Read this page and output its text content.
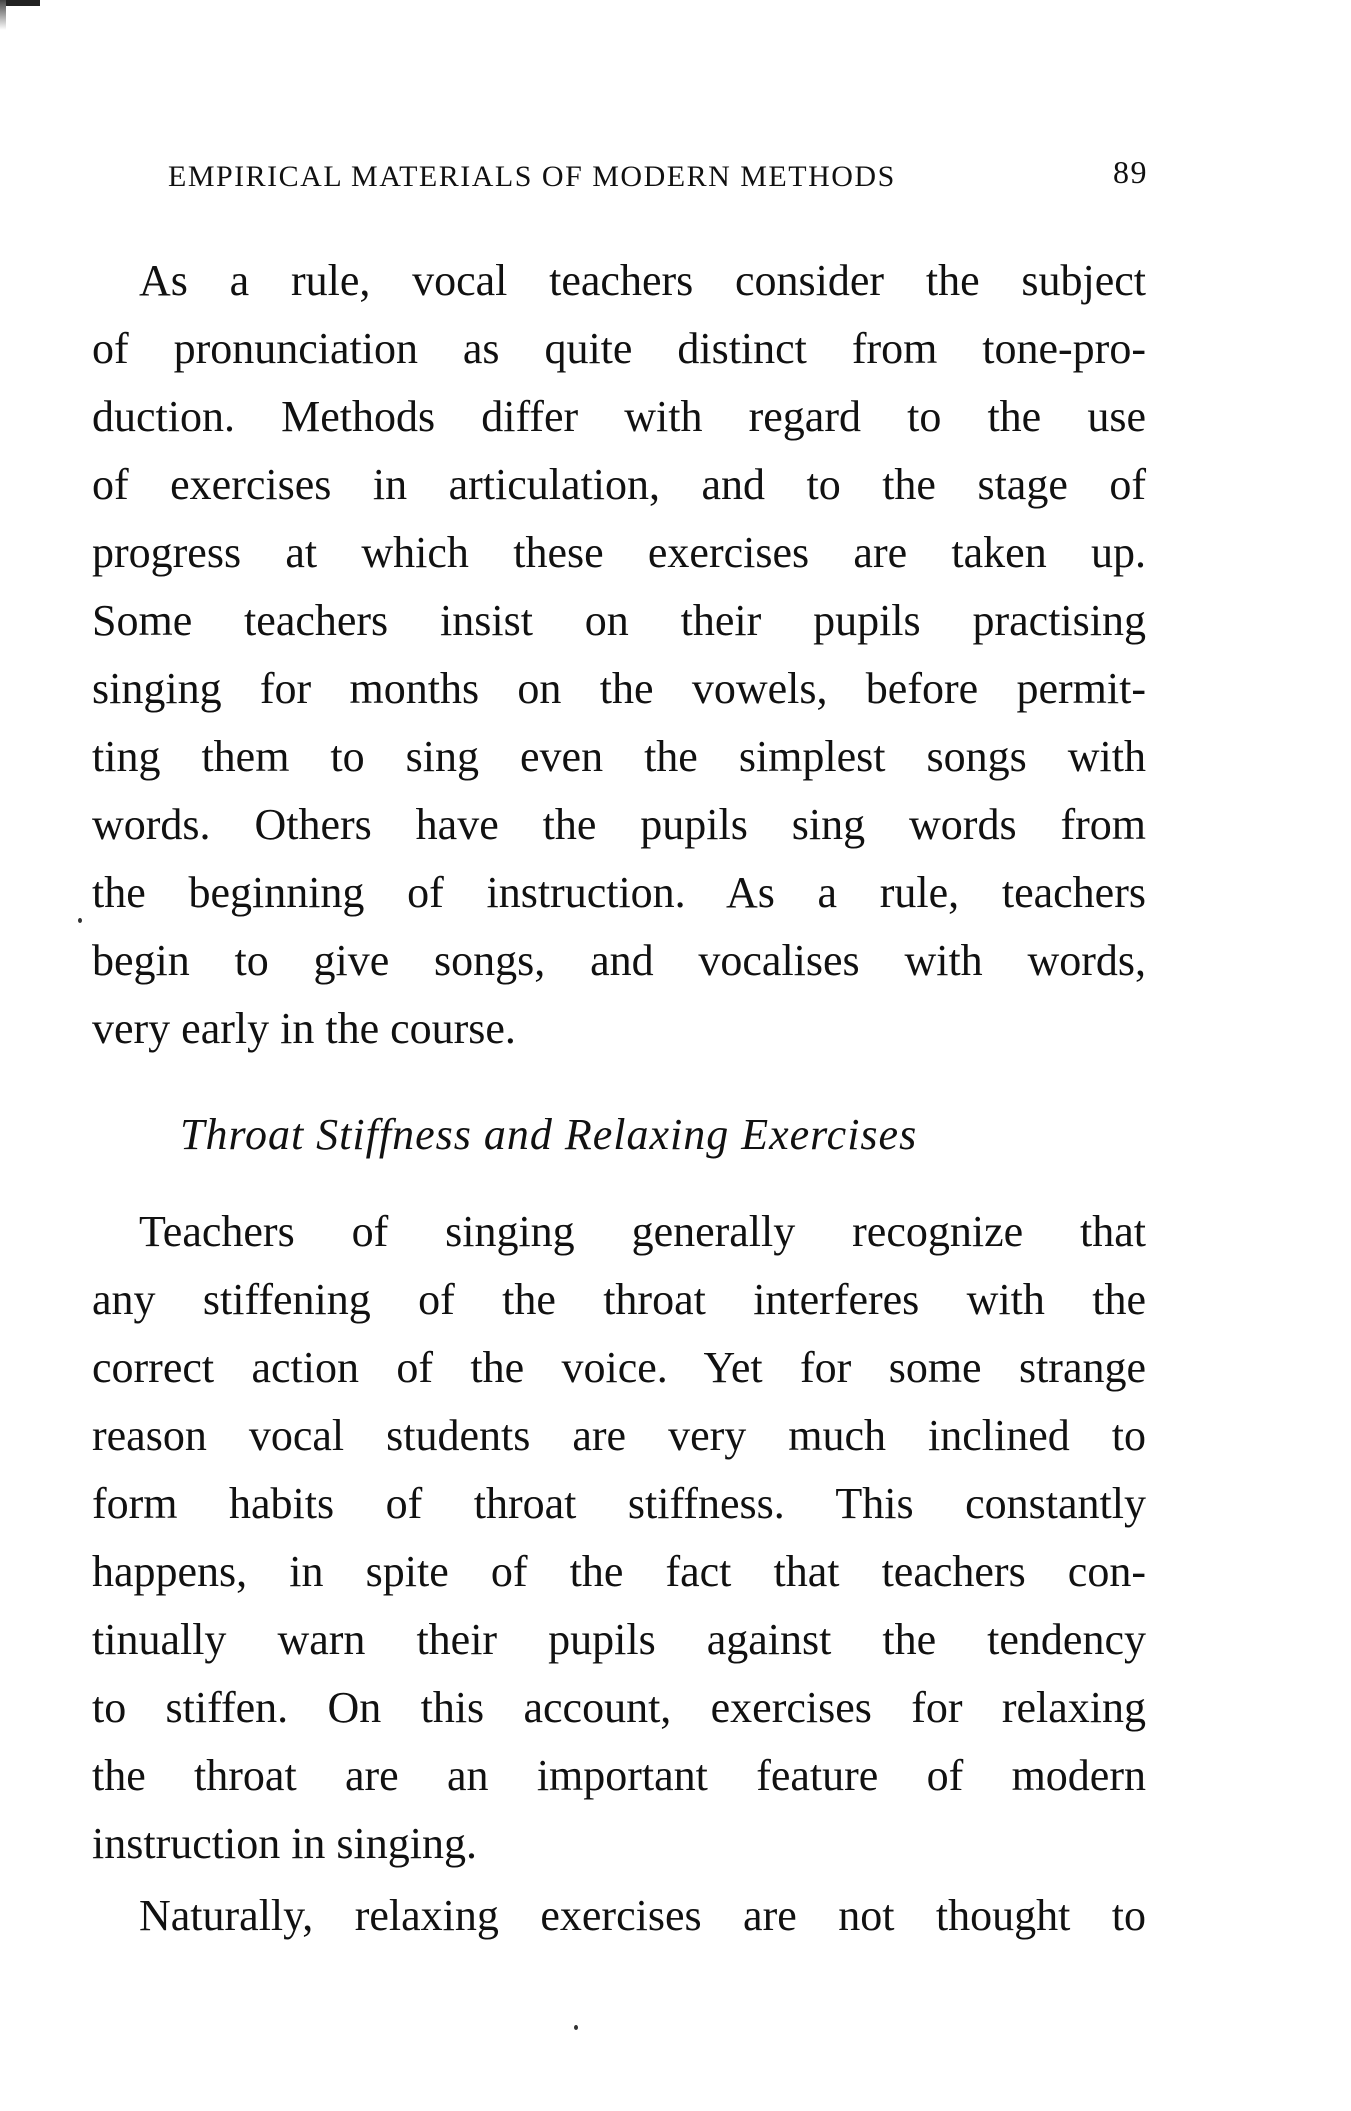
EMPIRICAL MATERIALS OF MODERN METHODS	89
As a rule, vocal teachers consider the subject
of pronunciation as quite distinct from tone-pro-
duction. Methods differ with regard to the use
of exercises in articulation, and to the stage of
progress at which these exercises are taken up.
Some teachers insist on their pupils practising
singing for months on the vowels, before permit-
ting them to sing even the simplest songs with
words. Others have the pupils sing words from
the beginning of instruction. As a rule, teachers
begin to give songs, and vocalises with words,
very early in the course.
Throat Stiffness and Relaxing Exercises
Teachers of singing generally recognize that
any stiffening of the throat interferes with the
correct action of the voice. Yet for some strange
reason vocal students are very much inclined to
form habits of throat stiffness. This constantly
happens, in spite of the fact that teachers con-
tinually warn their pupils against the tendency
to stiffen. On this account, exercises for relaxing
the throat are an important feature of modern
instruction in singing.
Naturally, relaxing exercises are not thought to
